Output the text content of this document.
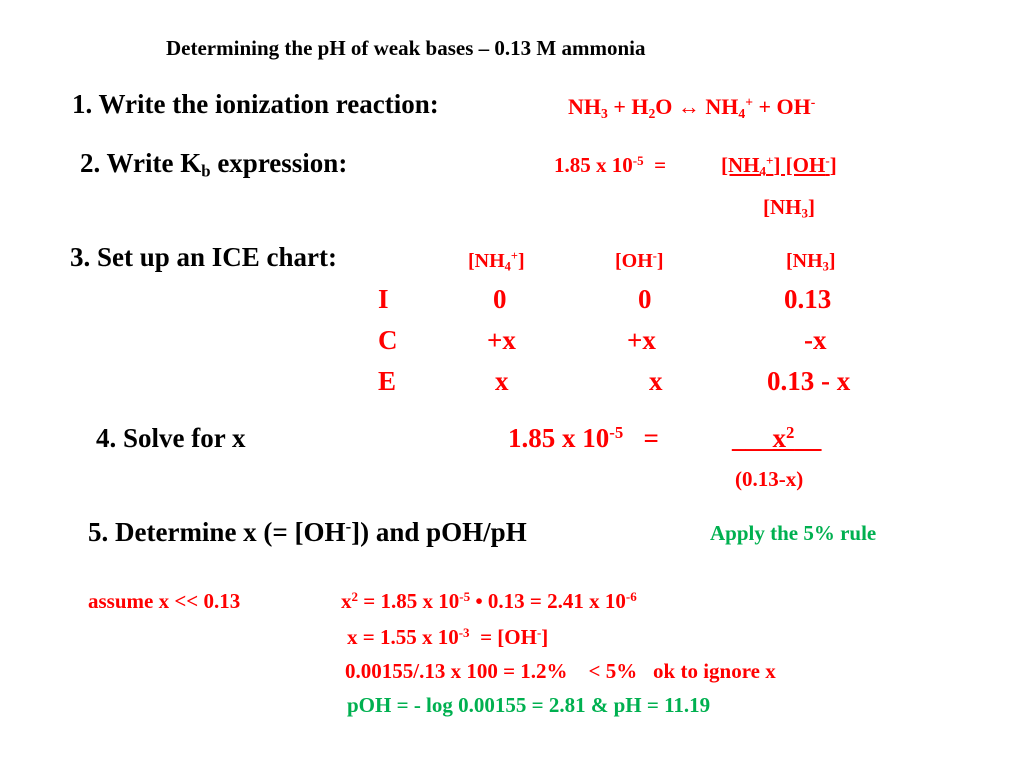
Determining the pH of weak bases – 0.13 M ammonia
1. Write the ionization reaction:	$NH_3 + H_2O$ ↔ $NH_4^+ + OH^-$
2. Write $K_b$ expression:	1.85 x $10^{-5}$ =	$[NH_4^+]$ [OH-]
$[NH_3]$
3. Set up an ICE chart:	$[NH_4^+]$	[OH-]	$[NH_3]$
I	0	0	0.13
C	+x	+x	-x
E	x	x	0.13 - x
4. Solve for x	1.85 x $10^{-5}$ =	$\_\_\_x^2\_\_$
(0.13-x)
5. Determine x (= [OH-]) and pOH/pH	Apply the 5% rule
assume x << 0.13	$x^2 = 1.85$ x $10^{-5}$ • 0.13 = 2.41 x $10^{-6}$
x = 1.55 x $10^{-3} = [OH^-]$
0.00155/.13 x 100 = 1.2%    < 5%   ok to ignore x
pOH = - log 0.00155 = 2.81 & pH = 11.19
